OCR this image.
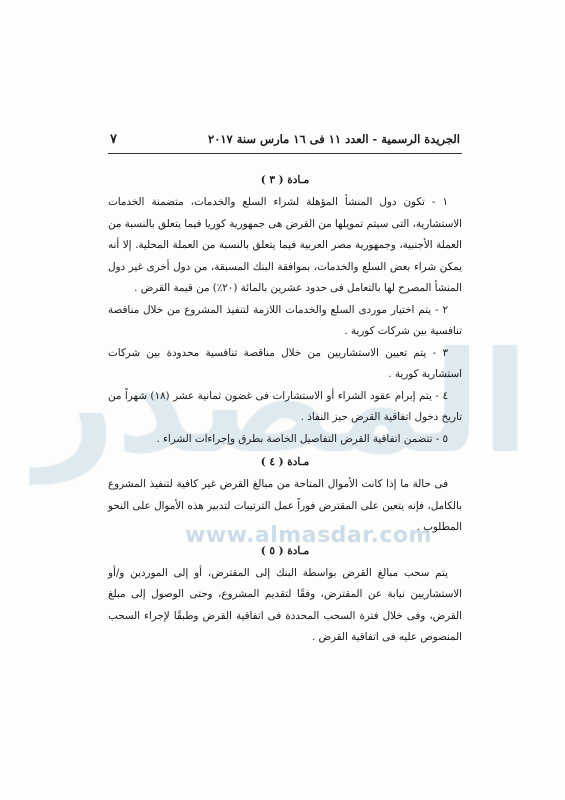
الجريدة الرسمية - العدد ١١ فى ١٦ مارس سنة ٢٠١٧
٧
www.almasdar.com
مـادة ( ٣ )

١ - تكون دول المنشأ المؤهلة لشراء السلع والخدمات، متضمنة الخدمات الاستشارية، التى سيتم تمويلها من القرض هى جمهورية كوريا فيما يتعلق بالنسبة من العملة الأجنبية، وجمهورية مصر العربية فيما يتعلق بالنسبة من العملة المحلية. إلا أنه يمكن شراء بعض السلع والخدمات، بموافقة البنك المسبقة، من دول أخرى غير دول المنشأ المصرح لها بالتعامل فى حدود عشرين بالمائة (٢٠٪) من قيمة القرض .

٢ - يتم اختيار موردى السلع والخدمات اللازمة لتنفيذ المشروع من خلال مناقصة تنافسية بين شركات كورية .

٣ - يتم تعيين الاستشاريين من خلال مناقصة تنافسية محدودة بين شركات استشارية كورية .

٤ - يتم إبرام عقود الشراء أو الاستشارات فى غضون ثمانية عشر (١٨) شهراً من تاريخ دخول اتفاقية القرض حيز النفاذ .

٥ - تتضمن اتفاقية القرض التفاصيل الخاصة بطرق وإجراءات الشراء .

مـادة ( ٤ )

فى حالة ما إذا كانت الأموال المتاحة من مبالغ القرض غير كافية لتنفيذ المشروع بالكامل، فإنه يتعين على المقترض فوراً عمل الترتيبات لتدبير هذه الأموال على النحو المطلوب .

مـادة ( ٥ )

يتم سحب مبالغ القرض بواسطة البنك إلى المقترض، أو إلى الموردين و/أو الاستشاريين نيابة عن المقترض، وفقًا لتقديم المشروع، وحتى الوصول إلى مبلغ القرض، وفى خلال فترة السحب المحددة فى اتفاقية القرض وطبقًا لإجراء السحب المنصوص عليه فى اتفاقية القرض .
